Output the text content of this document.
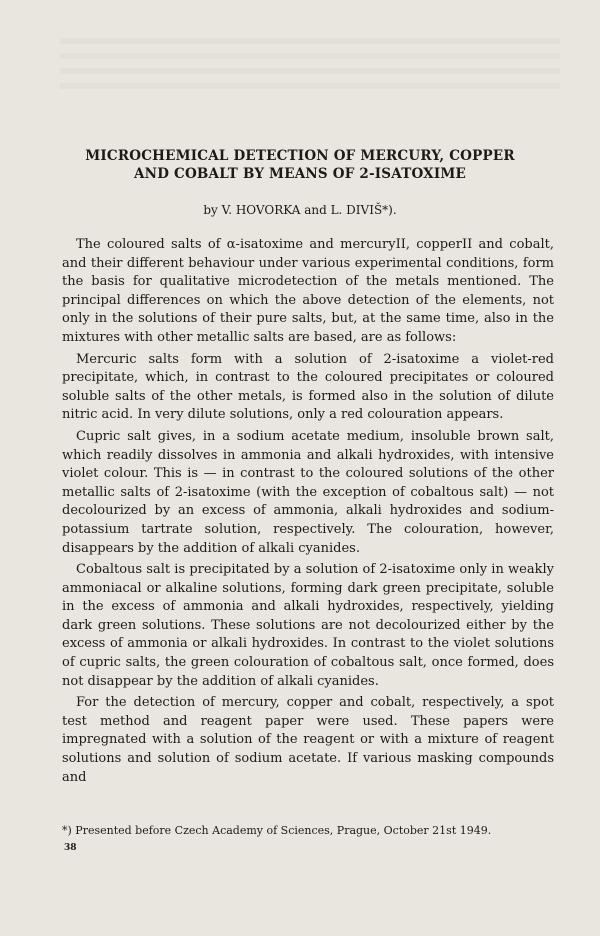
MICROCHEMICAL DETECTION OF MERCURY, COPPER
AND COBALT BY MEANS OF 2-ISATOXIME

by V. HOVORKA and L. DIVIŠ*).

The coloured salts of α-isatoxime and mercuryII, copperII and cobalt, and their different behaviour under various experimental conditions, form the basis for qualitative microdetection of the metals mentioned. The principal differences on which the above detection of the elements, not only in the solutions of their pure salts, but, at the same time, also in the mixtures with other metallic salts are based, are as follows:

Mercuric salts form with a solution of 2-isatoxime a violet-red precipitate, which, in contrast to the coloured precipitates or coloured soluble salts of the other metals, is formed also in the solution of dilute nitric acid. In very dilute solutions, only a red colouration appears.

Cupric salt gives, in a sodium acetate medium, insoluble brown salt, which readily dissolves in ammonia and alkali hydroxides, with intensive violet colour. This is — in contrast to the coloured solutions of the other metallic salts of 2-isatoxime (with the exception of cobaltous salt) — not decolourized by an excess of ammonia, alkali hydroxides and sodium-potassium tartrate solution, respectively. The colouration, however, disappears by the addition of alkali cyanides.

Cobaltous salt is precipitated by a solution of 2-isatoxime only in weakly ammoniacal or alkaline solutions, forming dark green precipitate, soluble in the excess of ammonia and alkali hydroxides, respectively, yielding dark green solutions. These solutions are not decolourized either by the excess of ammonia or alkali hydroxides. In contrast to the violet solutions of cupric salts, the green colouration of cobaltous salt, once formed, does not disappear by the addition of alkali cyanides.

For the detection of mercury, copper and cobalt, respectively, a spot test method and reagent paper were used. These papers were impregnated with a solution of the reagent or with a mixture of reagent solutions and solution of sodium acetate. If various masking compounds and

*) Presented before Czech Academy of Sciences, Prague, October 21st 1949.

38
